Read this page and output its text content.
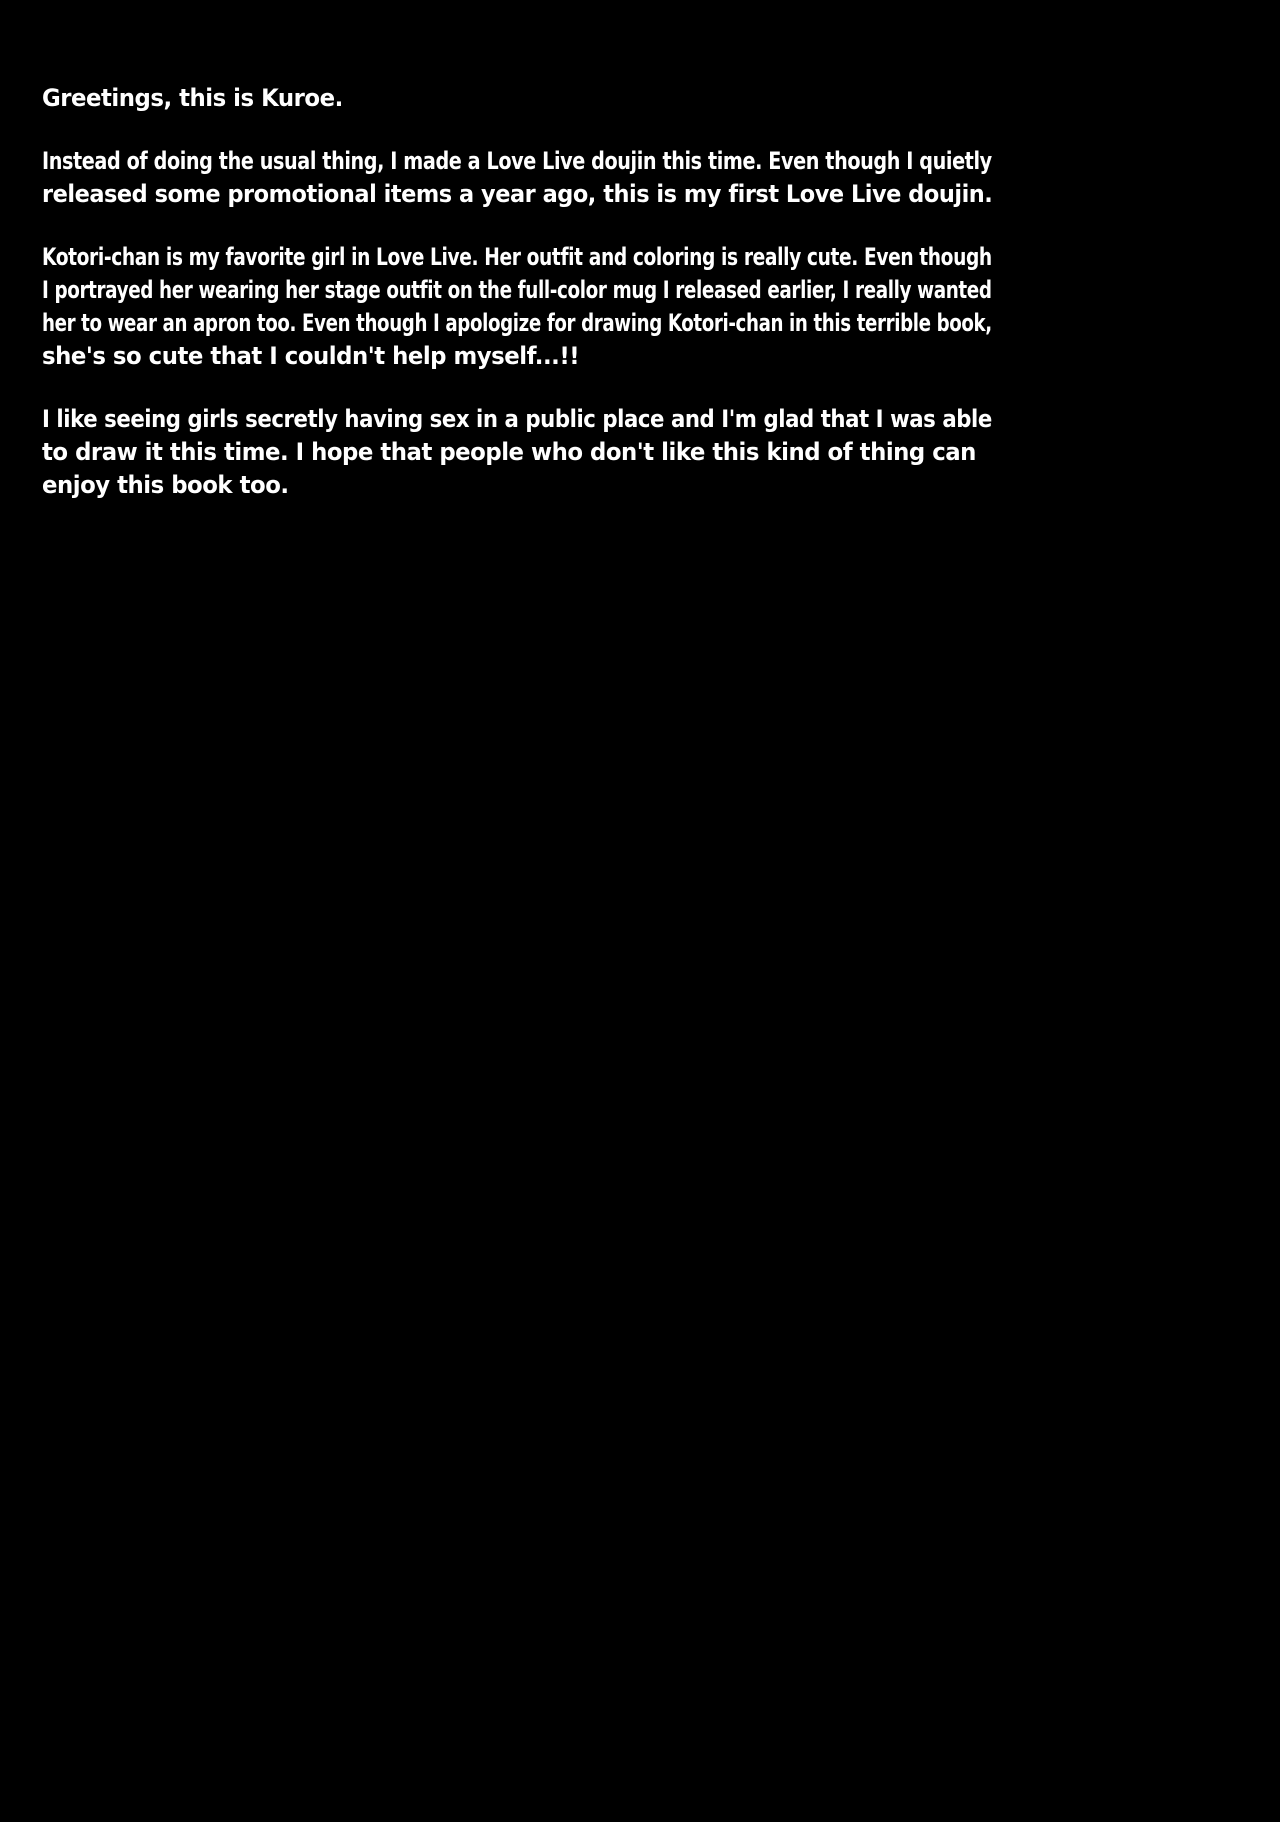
Greetings, this is Kuroe.

Instead of doing the usual thing, I made a Love Live doujin this time. Even though I quietly
released some promotional items a year ago, this is my first Love Live doujin.

Kotori-chan is my favorite girl in Love Live. Her outfit and coloring is really cute. Even though
I portrayed her wearing her stage outfit on the full-color mug I released earlier, I really wanted
her to wear an apron too. Even though I apologize for drawing Kotori-chan in this terrible book,
she's so cute that I couldn't help myself...!!

I like seeing girls secretly having sex in a public place and I'm glad that I was able
to draw it this time. I hope that people who don't like this kind of thing can
enjoy this book too.
